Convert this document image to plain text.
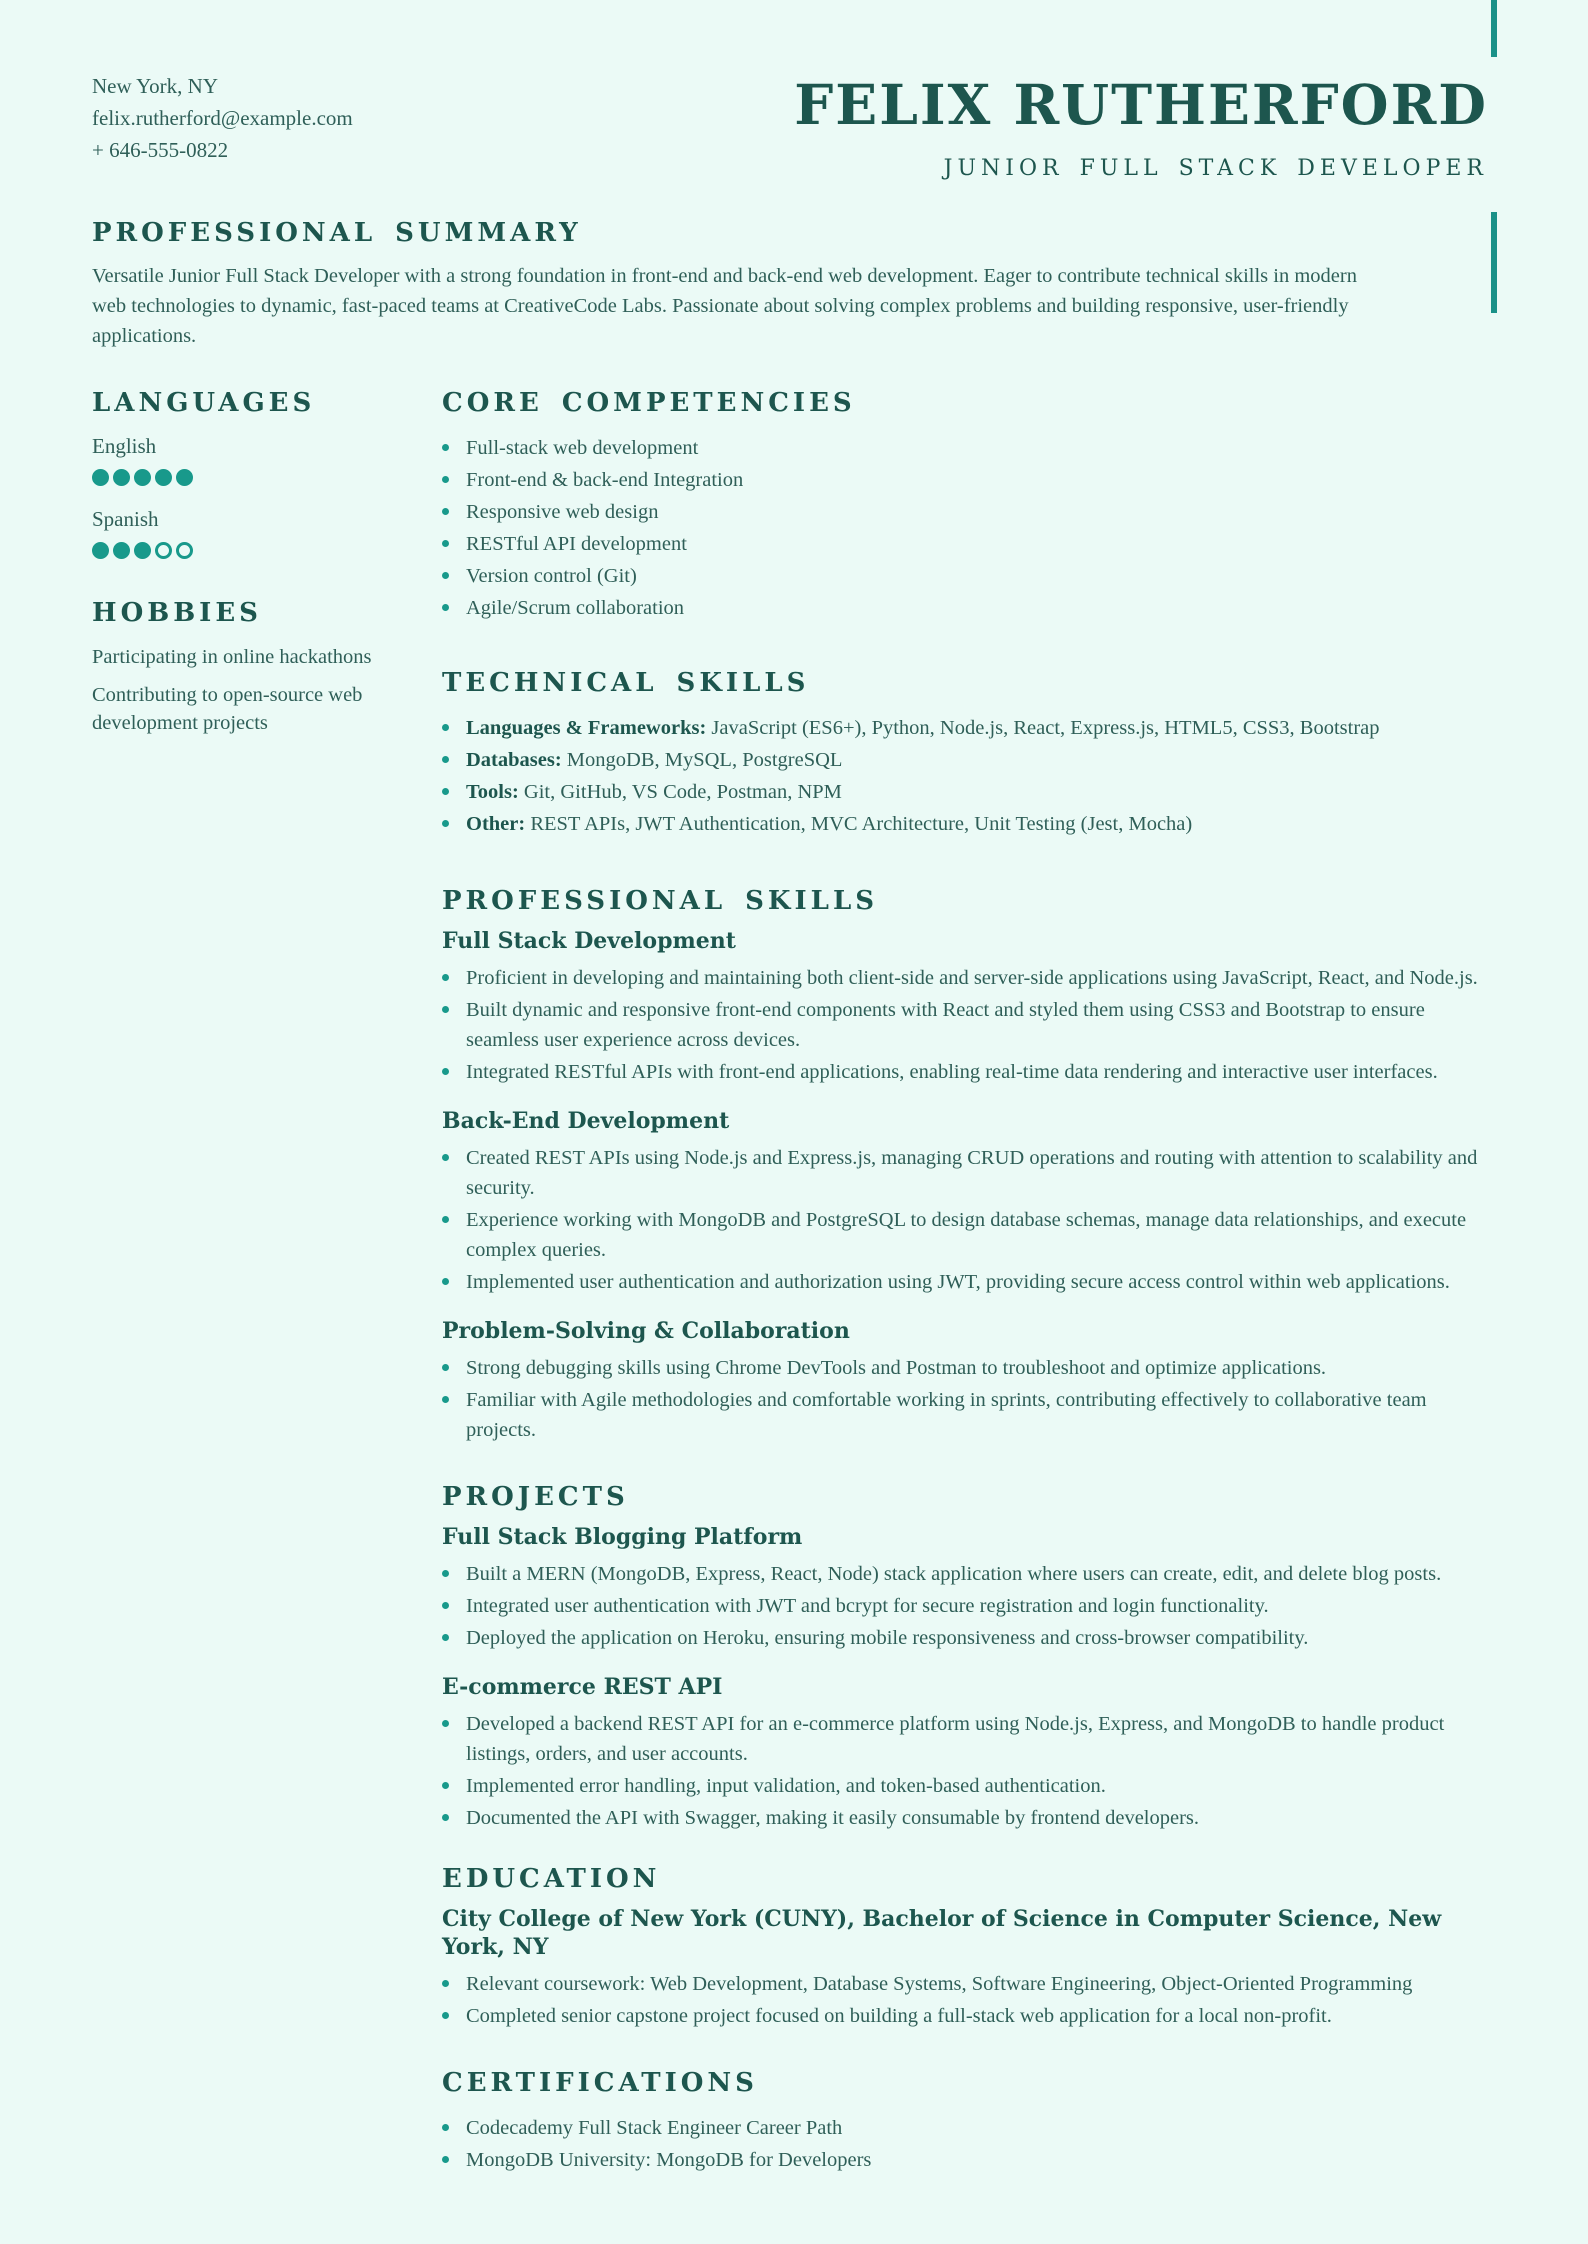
New York, NY
felix.rutherford@example.com
+ 646-555-0822
FELIX RUTHERFORD
JUNIOR FULL STACK DEVELOPER
PROFESSIONAL SUMMARY

Versatile Junior Full Stack Developer with a strong foundation in front-end and back-end web development. Eager to contribute technical skills in modern web technologies to dynamic, fast-paced teams at CreativeCode Labs. Passionate about solving complex problems and building responsive, user-friendly applications.

LANGUAGES
English
Spanish
HOBBIES

Participating in online hackathons

Contributing to open-source web development projects

CORE COMPETENCIES
Full-stack web development
Front-end & back-end Integration
Responsive web design
RESTful API development
Version control (Git)
Agile/Scrum collaboration
TECHNICAL SKILLS
Languages & Frameworks: JavaScript (ES6+), Python, Node.js, React, Express.js, HTML5, CSS3, Bootstrap
Databases: MongoDB, MySQL, PostgreSQL
Tools: Git, GitHub, VS Code, Postman, NPM
Other: REST APIs, JWT Authentication, MVC Architecture, Unit Testing (Jest, Mocha)
PROFESSIONAL SKILLS
Full Stack Development
Proficient in developing and maintaining both client-side and server-side applications using JavaScript, React, and Node.js.
Built dynamic and responsive front-end components with React and styled them using CSS3 and Bootstrap to ensure seamless user experience across devices.
Integrated RESTful APIs with front-end applications, enabling real-time data rendering and interactive user interfaces.
Back-End Development
Created REST APIs using Node.js and Express.js, managing CRUD operations and routing with attention to scalability and security.
Experience working with MongoDB and PostgreSQL to design database schemas, manage data relationships, and execute complex queries.
Implemented user authentication and authorization using JWT, providing secure access control within web applications.
Problem-Solving & Collaboration
Strong debugging skills using Chrome DevTools and Postman to troubleshoot and optimize applications.
Familiar with Agile methodologies and comfortable working in sprints, contributing effectively to collaborative team projects.
PROJECTS
Full Stack Blogging Platform
Built a MERN (MongoDB, Express, React, Node) stack application where users can create, edit, and delete blog posts.
Integrated user authentication with JWT and bcrypt for secure registration and login functionality.
Deployed the application on Heroku, ensuring mobile responsiveness and cross-browser compatibility.
E-commerce REST API
Developed a backend REST API for an e-commerce platform using Node.js, Express, and MongoDB to handle product listings, orders, and user accounts.
Implemented error handling, input validation, and token-based authentication.
Documented the API with Swagger, making it easily consumable by frontend developers.
EDUCATION
City College of New York (CUNY), Bachelor of Science in Computer Science, New York, NY
Relevant coursework: Web Development, Database Systems, Software Engineering, Object-Oriented Programming
Completed senior capstone project focused on building a full-stack web application for a local non-profit.
CERTIFICATIONS
Codecademy Full Stack Engineer Career Path
MongoDB University: MongoDB for Developers
